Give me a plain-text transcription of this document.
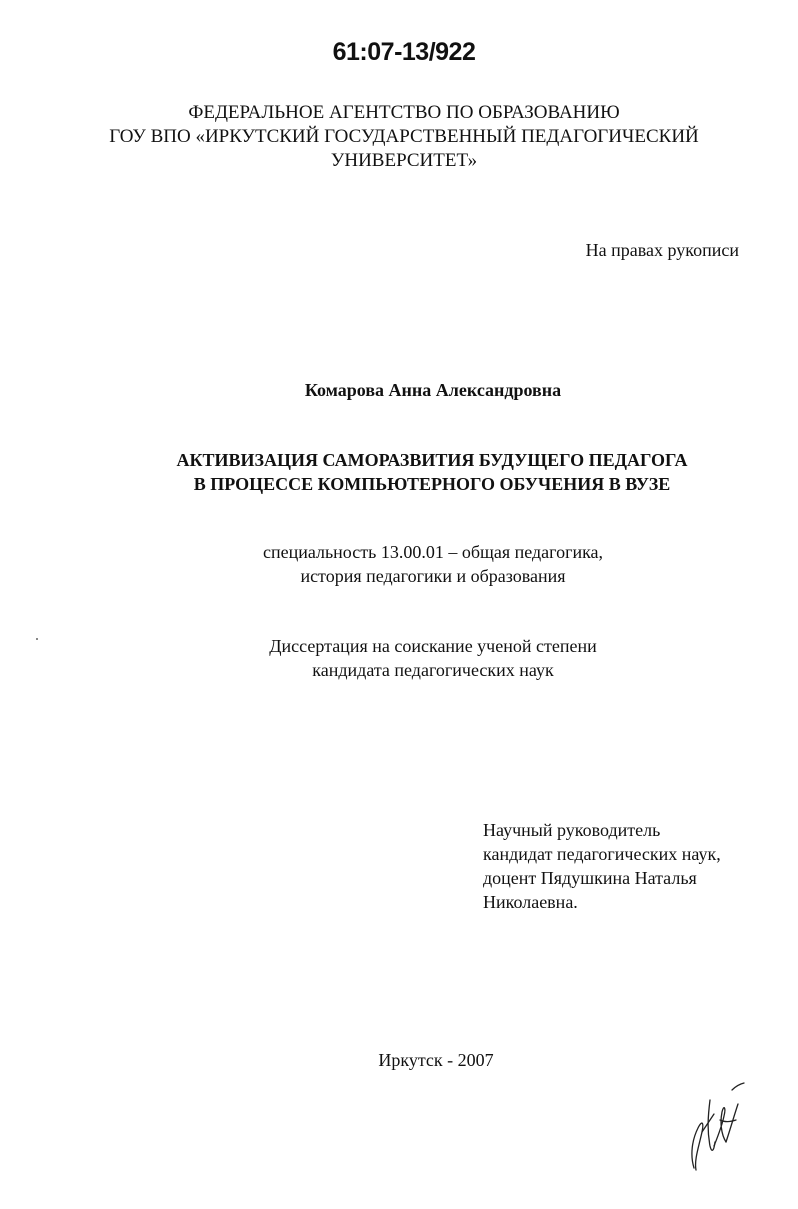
61:07-13/922
ФЕДЕРАЛЬНОЕ АГЕНТСТВО ПО ОБРАЗОВАНИЮ
ГОУ ВПО «ИРКУТСКИЙ ГОСУДАРСТВЕННЫЙ ПЕДАГОГИЧЕСКИЙ
УНИВЕРСИТЕТ»
На правах рукописи
Комарова Анна Александровна
АКТИВИЗАЦИЯ САМОРАЗВИТИЯ БУДУЩЕГО ПЕДАГОГА
В ПРОЦЕССЕ КОМПЬЮТЕРНОГО ОБУЧЕНИЯ В ВУЗЕ
специальность 13.00.01 – общая педагогика,
история педагогики и образования
Диссертация на соискание ученой степени
кандидата педагогических наук
Научный руководитель
кандидат педагогических наук,
доцент Пядушкина Наталья
Николаевна.
Иркутск - 2007
